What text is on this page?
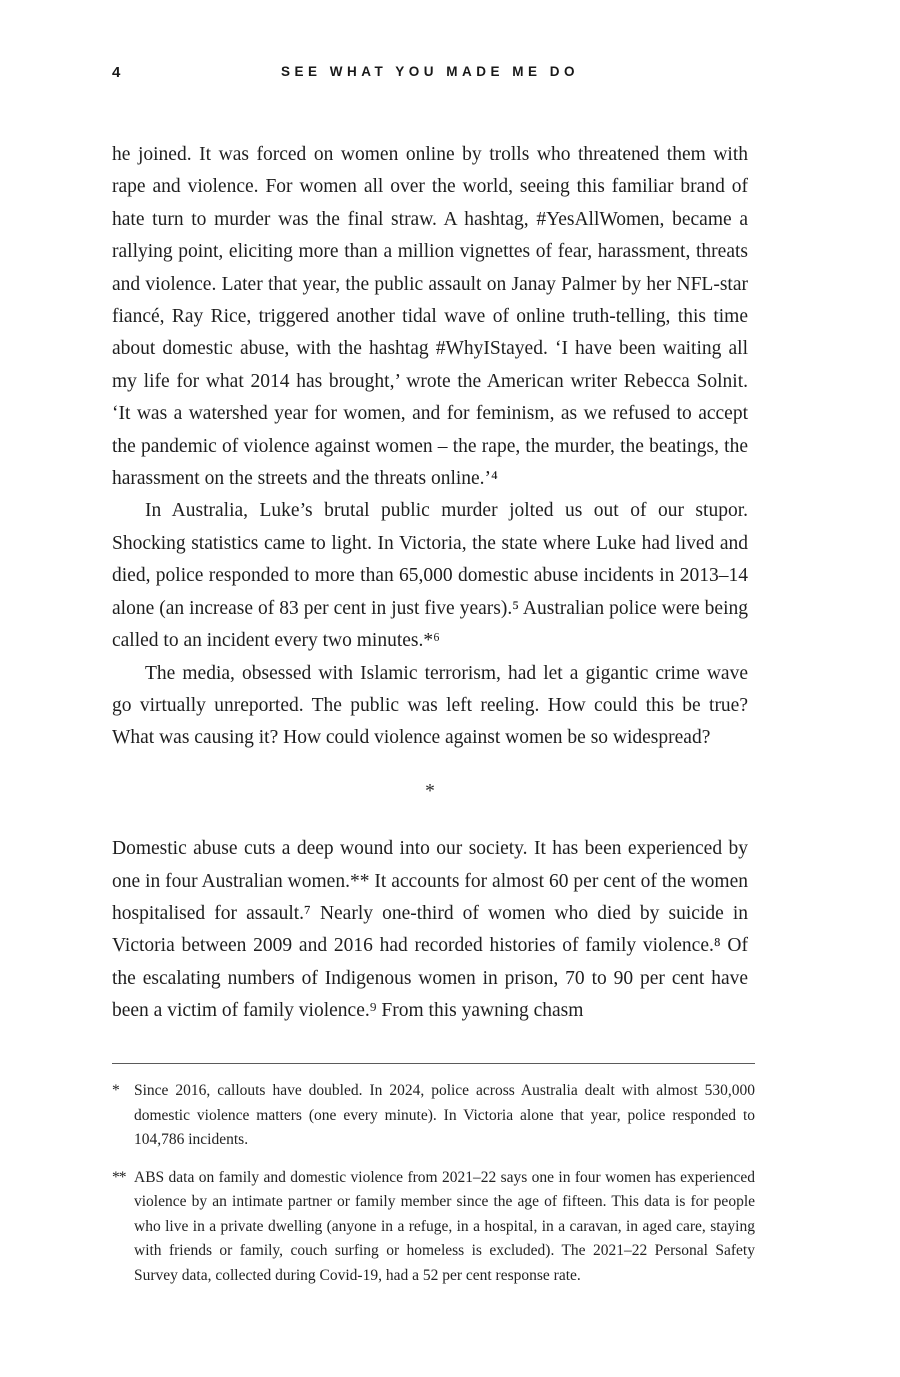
4	SEE WHAT YOU MADE ME DO

he joined. It was forced on women online by trolls who threatened them with rape and violence. For women all over the world, seeing this familiar brand of hate turn to murder was the final straw. A hashtag, #YesAllWomen, became a rallying point, eliciting more than a million vignettes of fear, harassment, threats and violence. Later that year, the public assault on Janay Palmer by her NFL-star fiancé, Ray Rice, triggered another tidal wave of online truth-telling, this time about domestic abuse, with the hashtag #WhyIStayed. ‘I have been waiting all my life for what 2014 has brought,’ wrote the American writer Rebecca Solnit. ‘It was a watershed year for women, and for feminism, as we refused to accept the pandemic of violence against women – the rape, the murder, the beatings, the harassment on the streets and the threats online.’⁴

In Australia, Luke’s brutal public murder jolted us out of our stupor. Shocking statistics came to light. In Victoria, the state where Luke had lived and died, police responded to more than 65,000 domestic abuse incidents in 2013–14 alone (an increase of 83 per cent in just five years).⁵ Australian police were being called to an incident every two minutes.*⁶

The media, obsessed with Islamic terrorism, had let a gigantic crime wave go virtually unreported. The public was left reeling. How could this be true? What was causing it? How could violence against women be so widespread?

*

Domestic abuse cuts a deep wound into our society. It has been experienced by one in four Australian women.** It accounts for almost 60 per cent of the women hospitalised for assault.⁷ Nearly one-third of women who died by suicide in Victoria between 2009 and 2016 had recorded histories of family violence.⁸ Of the escalating numbers of Indigenous women in prison, 70 to 90 per cent have been a victim of family violence.⁹ From this yawning chasm

* Since 2016, callouts have doubled. In 2024, police across Australia dealt with almost 530,000 domestic violence matters (one every minute). In Victoria alone that year, police responded to 104,786 incidents.
** ABS data on family and domestic violence from 2021–22 says one in four women has experienced violence by an intimate partner or family member since the age of fifteen. This data is for people who live in a private dwelling (anyone in a refuge, in a hospital, in a caravan, in aged care, staying with friends or family, couch surfing or homeless is excluded). The 2021–22 Personal Safety Survey data, collected during Covid-19, had a 52 per cent response rate.
